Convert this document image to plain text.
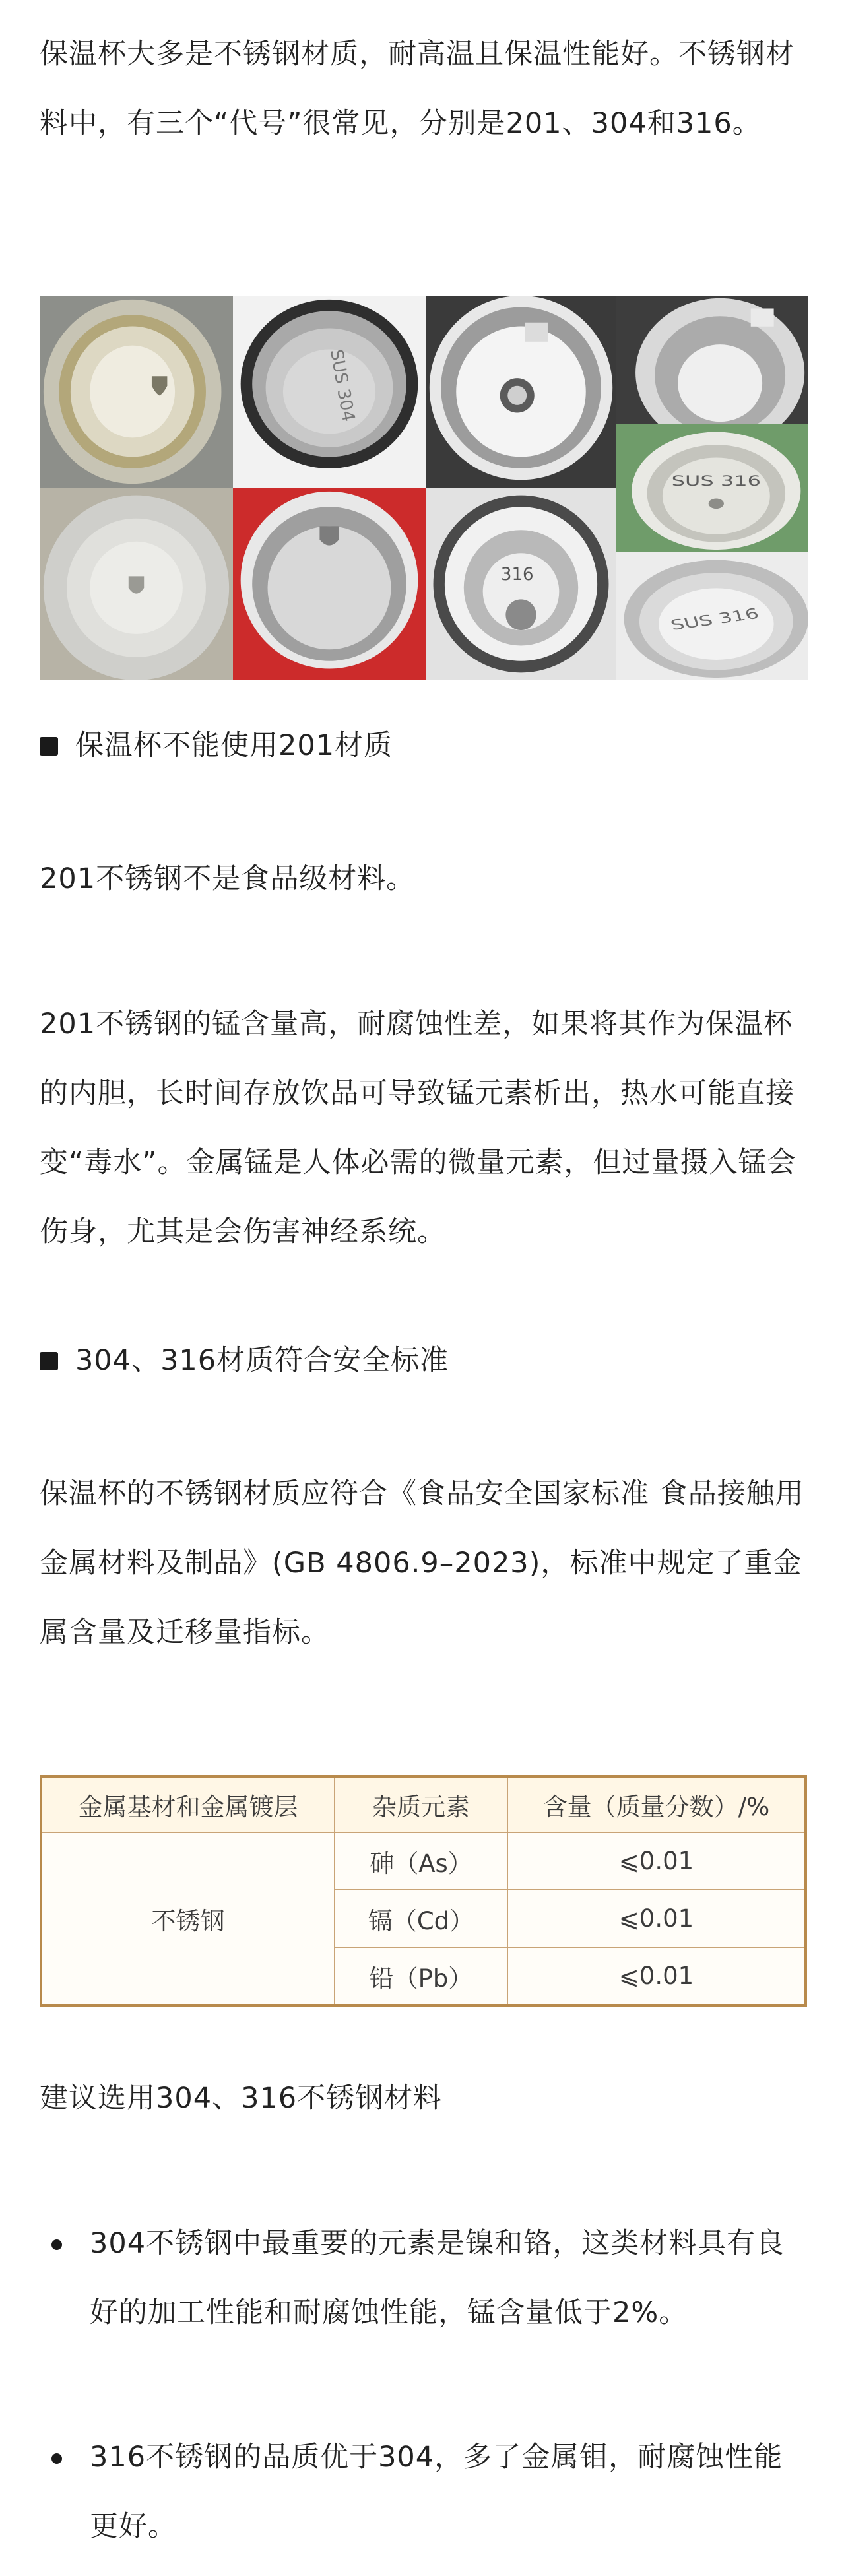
保温杯大多是不锈钢材质，耐高温且保温性能好。不锈钢材料中，有三个“代号”很常见，分别是201、304和316。

SUS 304
SUS 316
SUS 316
316
保温杯不能使用201材质

201不锈钢不是食品级材料。

201不锈钢的锰含量高，耐腐蚀性差，如果将其作为保温杯的内胆，长时间存放饮品可导致锰元素析出，热水可能直接变“毒水”。金属锰是人体必需的微量元素，但过量摄入锰会伤身，尤其是会伤害神经系统。

304、316材质符合安全标准

保温杯的不锈钢材质应符合《食品安全国家标准 食品接触用金属材料及制品》(GB 4806.9–2023)，标准中规定了重金属含量及迁移量指标。

金属基材和金属镀层	杂质元素	含量（质量分数）/%
不锈钢	砷（As）	⩽0.01
	镉（Cd）	⩽0.01
	铅（Pb）	⩽0.01

建议选用304、316不锈钢材料

304不锈钢中最重要的元素是镍和铬，这类材料具有良好的加工性能和耐腐蚀性能，锰含量低于2%。
316不锈钢的品质优于304，多了金属钼，耐腐蚀性能更好。
